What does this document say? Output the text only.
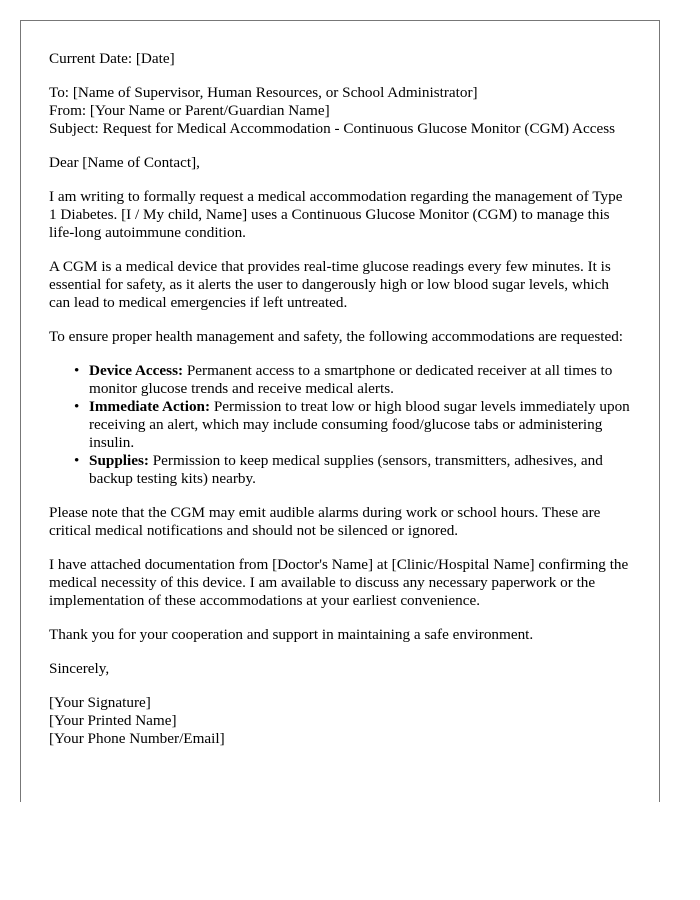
Current Date: [Date]

To: [Name of Supervisor, Human Resources, or School Administrator]

From: [Your Name or Parent/Guardian Name]

Subject: Request for Medical Accommodation - Continuous Glucose Monitor (CGM) Access

Dear [Name of Contact],

I am writing to formally request a medical accommodation regarding the management of Type 1 Diabetes. [I / My child, Name] uses a Continuous Glucose Monitor (CGM) to manage this life-long autoimmune condition.

A CGM is a medical device that provides real-time glucose readings every few minutes. It is essential for safety, as it alerts the user to dangerously high or low blood sugar levels, which can lead to medical emergencies if left untreated.

To ensure proper health management and safety, the following accommodations are requested:

• Device Access: Permanent access to a smartphone or dedicated receiver at all times to monitor glucose trends and receive medical alerts.
• Immediate Action: Permission to treat low or high blood sugar levels immediately upon receiving an alert, which may include consuming food/glucose tabs or administering insulin.
• Supplies: Permission to keep medical supplies (sensors, transmitters, adhesives, and backup testing kits) nearby.

Please note that the CGM may emit audible alarms during work or school hours. These are critical medical notifications and should not be silenced or ignored.

I have attached documentation from [Doctor's Name] at [Clinic/Hospital Name] confirming the medical necessity of this device. I am available to discuss any necessary paperwork or the implementation of these accommodations at your earliest convenience.

Thank you for your cooperation and support in maintaining a safe environment.

Sincerely,

[Your Signature]

[Your Printed Name]

[Your Phone Number/Email]
